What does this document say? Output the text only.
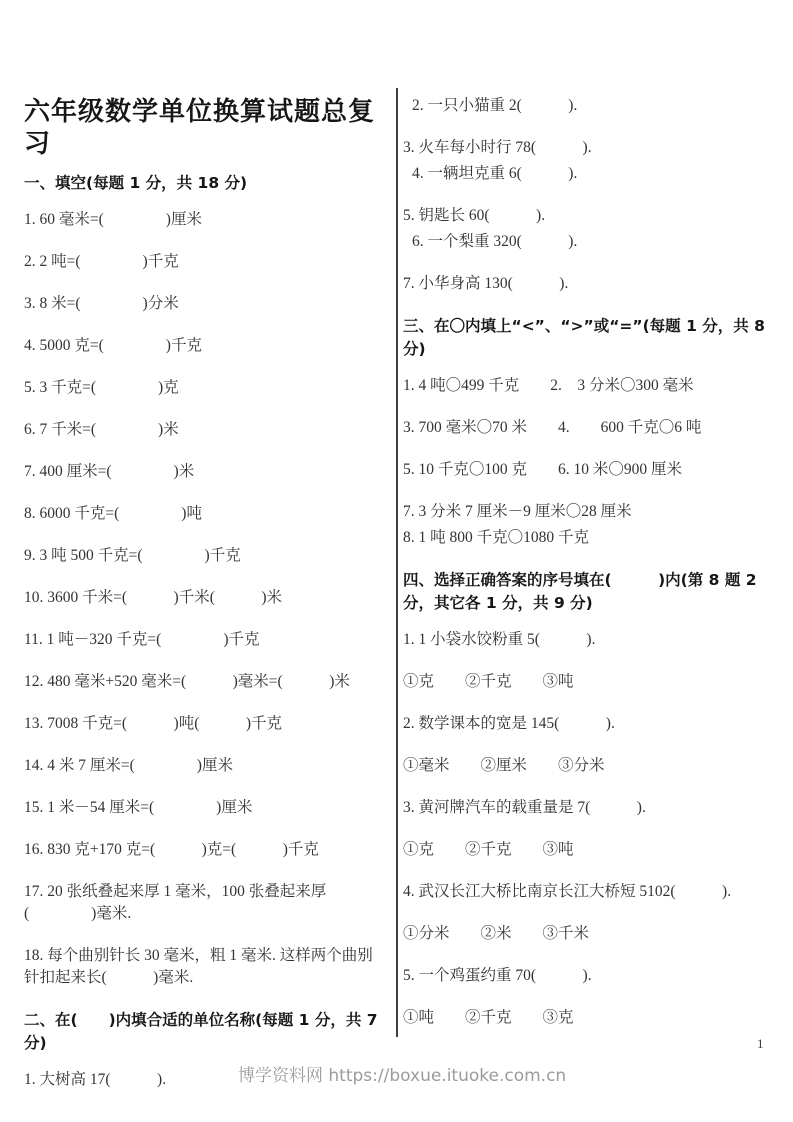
六年级数学单位换算试题总复习
一、填空(每题 1 分，共 18 分)

1. 60 毫米=(　　　　)厘米

2. 2 吨=(　　　　)千克

3. 8 米=(　　　　)分米

4. 5000 克=(　　　　)千克

5. 3 千克=(　　　　)克

6. 7 千米=(　　　　)米

7. 400 厘米=(　　　　)米

8. 6000 千克=(　　　　)吨

9. 3 吨 500 千克=(　　　　)千克

10. 3600 千米=(　　　)千米(　　　)米

11. 1 吨－320 千克=(　　　　)千克

12. 480 毫米+520 毫米=(　　　)毫米=(　　　)米

13. 7008 千克=(　　　)吨(　　　)千克

14. 4 米 7 厘米=(　　　　)厘米

15. 1 米－54 厘米=(　　　　)厘米

16. 830 克+170 克=(　　　)克=(　　　)千克

17. 20 张纸叠起来厚 1 毫米，100 张叠起来厚(　　　　)毫米.

18. 每个曲别针长 30 毫米，粗 1 毫米. 这样两个曲别针扣起来长(　　　)毫米.

二、在(　　)内填合适的单位名称(每题 1 分，共 7 分)

1. 大树高 17(　　　).

2. 一只小猫重 2(　　　).

3. 火车每小时行 78(　　　).

4. 一辆坦克重 6(　　　).

5. 钥匙长 60(　　　).

6. 一个梨重 320(　　　).

7. 小华身高 130(　　　).

三、在〇内填上“<”、“>”或“=”(每题 1 分，共 8 分)

1. 4 吨〇499 千克　　2.　3 分米〇300 毫米

3. 700 毫米〇70 米　　4.　　600 千克〇6 吨

5. 10 千克〇100 克　　6. 10 米〇900 厘米

7. 3 分米 7 厘米－9 厘米〇28 厘米

8. 1 吨 800 千克〇1080 千克

四、选择正确答案的序号填在(　　　)内(第 8 题 2 分，其它各 1 分，共 9 分)

1. 1 小袋水饺粉重 5(　　　).

①克　　②千克　　③吨

2. 数学课本的宽是 145(　　　).

①毫米　　②厘米　　③分米

3. 黄河牌汽车的载重量是 7(　　　).

①克　　②千克　　③吨

4. 武汉长江大桥比南京长江大桥短 5102(　　　).

①分米　　②米　　③千米

5. 一个鸡蛋约重 70(　　　).

①吨　　②千克　　③克

博学资料网 https://boxue.ituoke.com.cn
1
